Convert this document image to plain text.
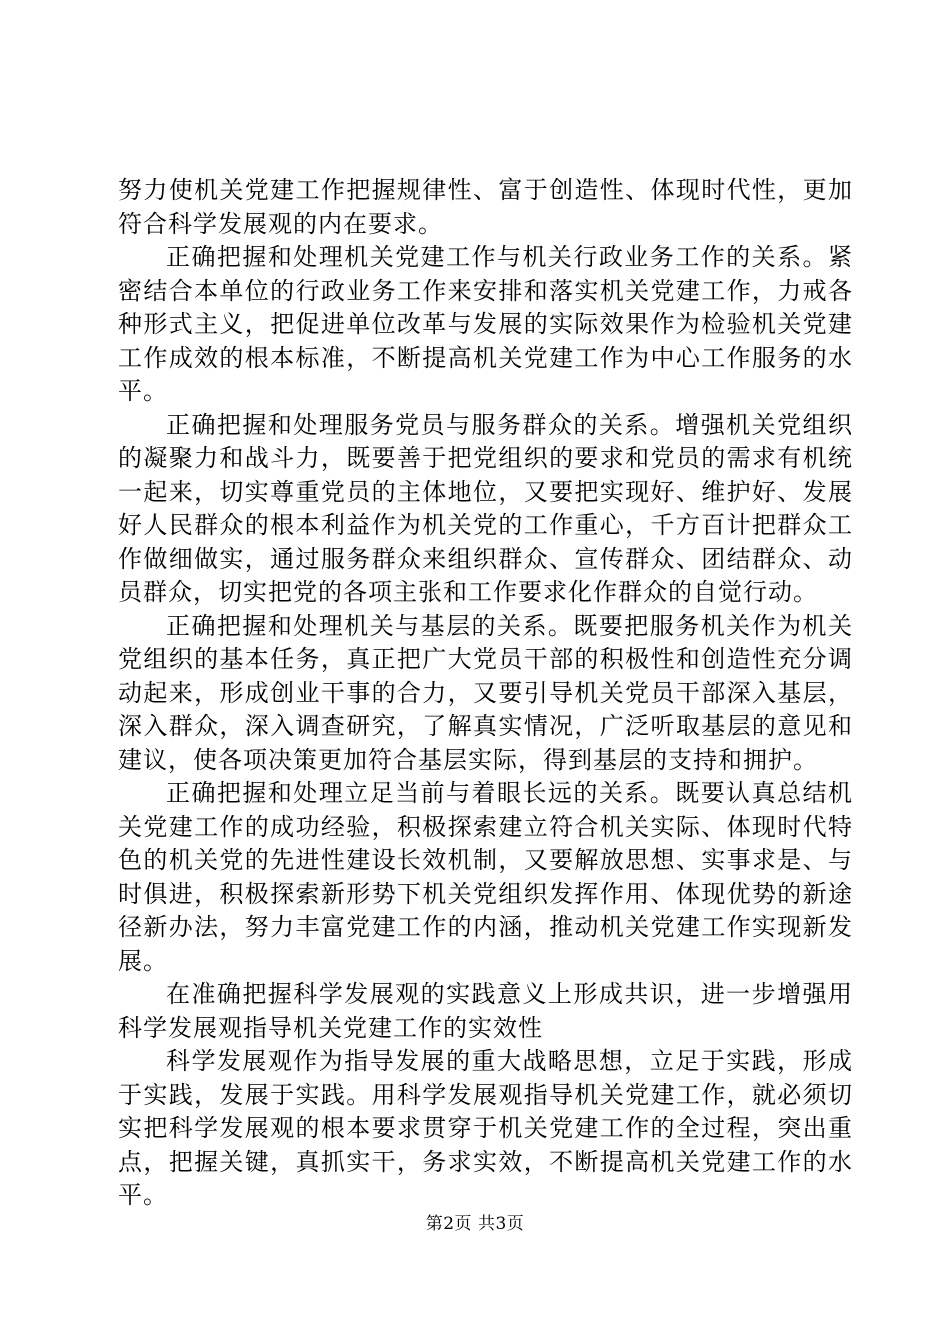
努力使机关党建工作把握规律性、富于创造性、体现时代性，更加符合科学发展观的内在要求。

正确把握和处理机关党建工作与机关行政业务工作的关系。紧密结合本单位的行政业务工作来安排和落实机关党建工作，力戒各种形式主义，把促进单位改革与发展的实际效果作为检验机关党建工作成效的根本标准，不断提高机关党建工作为中心工作服务的水平。

正确把握和处理服务党员与服务群众的关系。增强机关党组织的凝聚力和战斗力，既要善于把党组织的要求和党员的需求有机统一起来，切实尊重党员的主体地位，又要把实现好、维护好、发展好人民群众的根本利益作为机关党的工作重心，千方百计把群众工作做细做实，通过服务群众来组织群众、宣传群众、团结群众、动员群众，切实把党的各项主张和工作要求化作群众的自觉行动。

正确把握和处理机关与基层的关系。既要把服务机关作为机关党组织的基本任务，真正把广大党员干部的积极性和创造性充分调动起来，形成创业干事的合力，又要引导机关党员干部深入基层，深入群众，深入调查研究，了解真实情况，广泛听取基层的意见和建议，使各项决策更加符合基层实际，得到基层的支持和拥护。

正确把握和处理立足当前与着眼长远的关系。既要认真总结机关党建工作的成功经验，积极探索建立符合机关实际、体现时代特色的机关党的先进性建设长效机制，又要解放思想、实事求是、与时俱进，积极探索新形势下机关党组织发挥作用、体现优势的新途径新办法，努力丰富党建工作的内涵，推动机关党建工作实现新发展。

在准确把握科学发展观的实践意义上形成共识，进一步增强用科学发展观指导机关党建工作的实效性

科学发展观作为指导发展的重大战略思想，立足于实践，形成于实践，发展于实践。用科学发展观指导机关党建工作，就必须切实把科学发展观的根本要求贯穿于机关党建工作的全过程，突出重点，把握关键，真抓实干，务求实效，不断提高机关党建工作的水平。

第2页 共3页
